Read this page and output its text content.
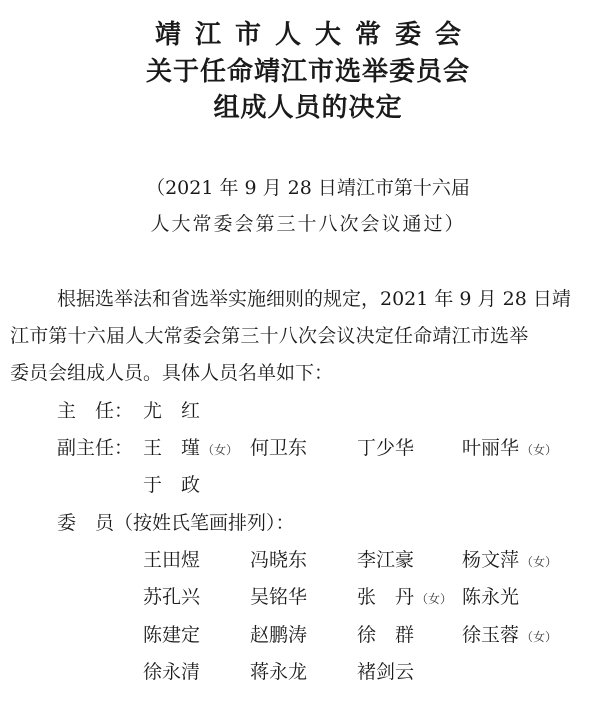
靖江市人大常委会
关于任命靖江市选举委员会
组成人员的决定
（2021 年 9 月 28 日靖江市第十六届
人大常委会第三十八次会议通过）
根据选举法和省选举实施细则的规定，2021 年 9 月 28 日靖
江市第十六届人大常委会第三十八次会议决定任命靖江市选举
委员会组成人员。具体人员名单如下：
主　任： 尤　红
副主任： 王　瑾 （女） 何卫东	丁少华	叶丽华 （女）
于　政
委　员（按姓氏笔画排列）：
王田煜	冯晓东	李江豪	杨文萍 （女）
苏孔兴	吴铭华	张　丹 （女） 陈永光
陈建定	赵鹏涛	徐　群	徐玉蓉 （女）
徐永清	蒋永龙	褚剑云
